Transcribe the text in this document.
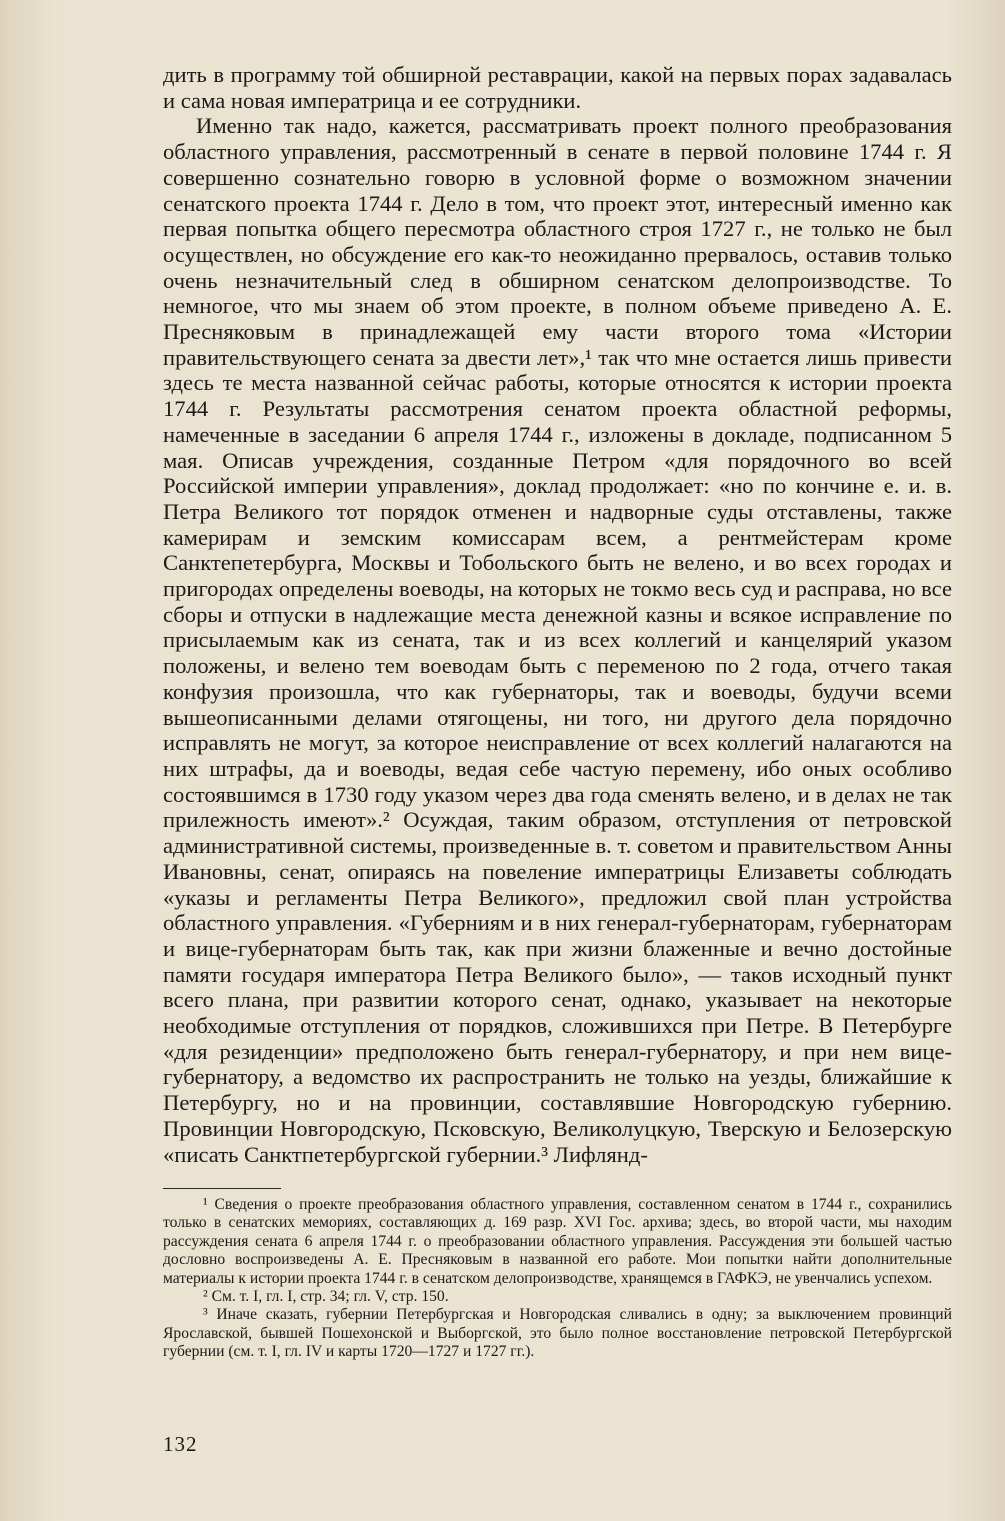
дить в программу той обширной реставрации, какой на первых порах задавалась и сама новая императрица и ее сотрудники.

Именно так надо, кажется, рассматривать проект полного преобразования областного управления, рассмотренный в сенате в первой половине 1744 г. Я совершенно сознательно говорю в условной форме о возможном значении сенатского проекта 1744 г. Дело в том, что проект этот, интересный именно как первая попытка общего пересмотра областного строя 1727 г., не только не был осуществлен, но обсуждение его как-то неожиданно прервалось, оставив только очень незначительный след в обширном сенатском делопроизводстве. То немногое, что мы знаем об этом проекте, в полном объеме приведено А. Е. Пресняковым в принадлежащей ему части второго тома «Истории правительствующего сената за двести лет»,¹ так что мне остается лишь привести здесь те места названной сейчас работы, которые относятся к истории проекта 1744 г. Результаты рассмотрения сенатом проекта областной реформы, намеченные в заседании 6 апреля 1744 г., изложены в докладе, подписанном 5 мая. Описав учреждения, созданные Петром «для порядочного во всей Российской империи управления», доклад продолжает: «но по кончине е. и. в. Петра Великого тот порядок отменен и надворные суды отставлены, также камерирам и земским комиссарам всем, а рентмейстерам кроме Санктепетербурга, Москвы и Тобольского быть не велено, и во всех городах и пригородах определены воеводы, на которых не токмо весь суд и расправа, но все сборы и отпуски в надлежащие места денежной казны и всякое исправление по присылаемым как из сената, так и из всех коллегий и канцелярий указом положены, и велено тем воеводам быть с переменою по 2 года, отчего такая конфузия произошла, что как губернаторы, так и воеводы, будучи всеми вышеописанными делами отягощены, ни того, ни другого дела порядочно исправлять не могут, за которое неисправление от всех коллегий налагаются на них штрафы, да и воеводы, ведая себе частую перемену, ибо оных особливо состоявшимся в 1730 году указом через два года сменять велено, и в делах не так прилежность имеют».² Осуждая, таким образом, отступления от петровской административной системы, произведенные в. т. советом и правительством Анны Ивановны, сенат, опираясь на повеление императрицы Елизаветы соблюдать «указы и регламенты Петра Великого», предложил свой план устройства областного управления. «Губерниям и в них генерал-губернаторам, губернаторам и вице-губернаторам быть так, как при жизни блаженные и вечно достойные памяти государя императора Петра Великого было», — таков исходный пункт всего плана, при развитии которого сенат, однако, указывает на некоторые необходимые отступления от порядков, сложившихся при Петре. В Петербурге «для резиденции» предположено быть генерал-губернатору, и при нем вице-губернатору, а ведомство их распространить не только на уезды, ближайшие к Петербургу, но и на провинции, составлявшие Новгородскую губернию. Провинции Новгородскую, Псковскую, Великолуцкую, Тверскую и Белозерскую «писать Санктпетербургской губернии.³ Лифлянд-

¹ Сведения о проекте преобразования областного управления, составленном сенатом в 1744 г., сохранились только в сенатских мемориях, составляющих д. 169 разр. XVI Гос. архива; здесь, во второй части, мы находим рассуждения сената 6 апреля 1744 г. о преобразовании областного управления. Рассуждения эти большей частью дословно воспроизведены А. Е. Пресняковым в названной его работе. Мои попытки найти дополнительные материалы к истории проекта 1744 г. в сенатском делопроизводстве, хранящемся в ГАФКЭ, не увенчались успехом.

² См. т. I, гл. I, стр. 34; гл. V, стр. 150.

³ Иначе сказать, губернии Петербургская и Новгородская сливались в одну; за выключением провинций Ярославской, бывшей Пошехонской и Выборгской, это было полное восстановление петровской Петербургской губернии (см. т. I, гл. IV и карты 1720—1727 и 1727 гг.).

132
